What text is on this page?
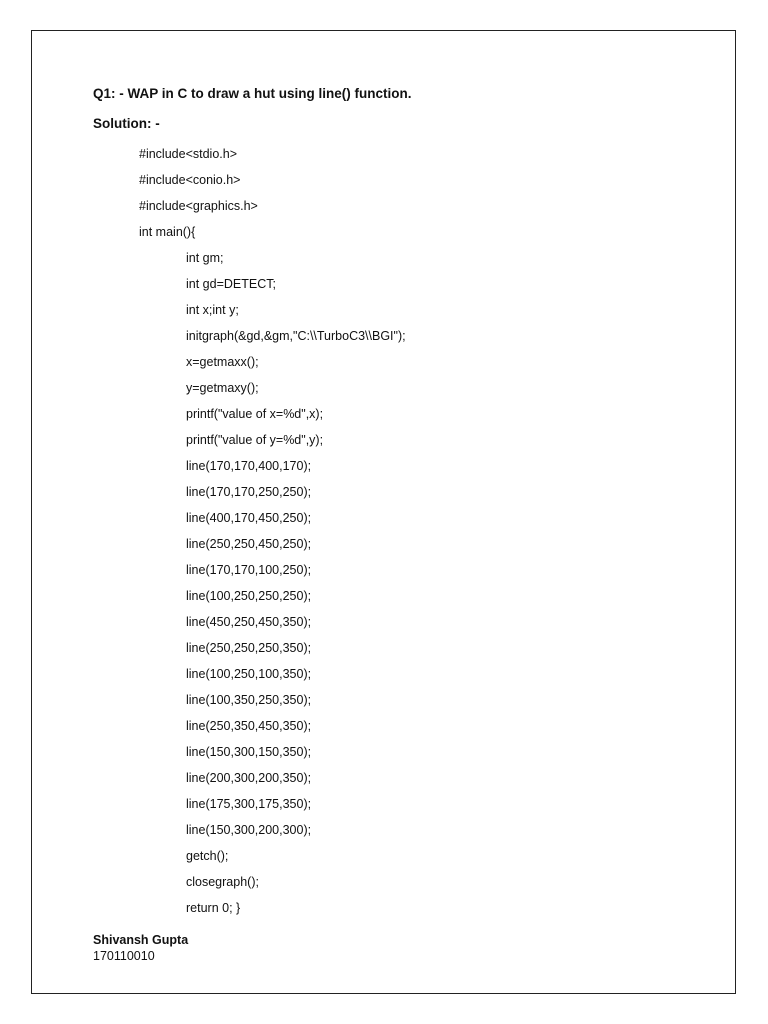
Q1: - WAP in C to draw a hut using line() function.
Solution: -
#include<stdio.h>
#include<conio.h>
#include<graphics.h>
int main(){
int gm;
int gd=DETECT;
int x;int y;
initgraph(&gd,&gm,"C:\\TurboC3\\BGI");
x=getmaxx();
y=getmaxy();
printf("value of x=%d",x);
printf("value of y=%d",y);
line(170,170,400,170);
line(170,170,250,250);
line(400,170,450,250);
line(250,250,450,250);
line(170,170,100,250);
line(100,250,250,250);
line(450,250,450,350);
line(250,250,250,350);
line(100,250,100,350);
line(100,350,250,350);
line(250,350,450,350);
line(150,300,150,350);
line(200,300,200,350);
line(175,300,175,350);
line(150,300,200,300);
getch();
closegraph();
return 0; }
Shivansh Gupta
170110010
